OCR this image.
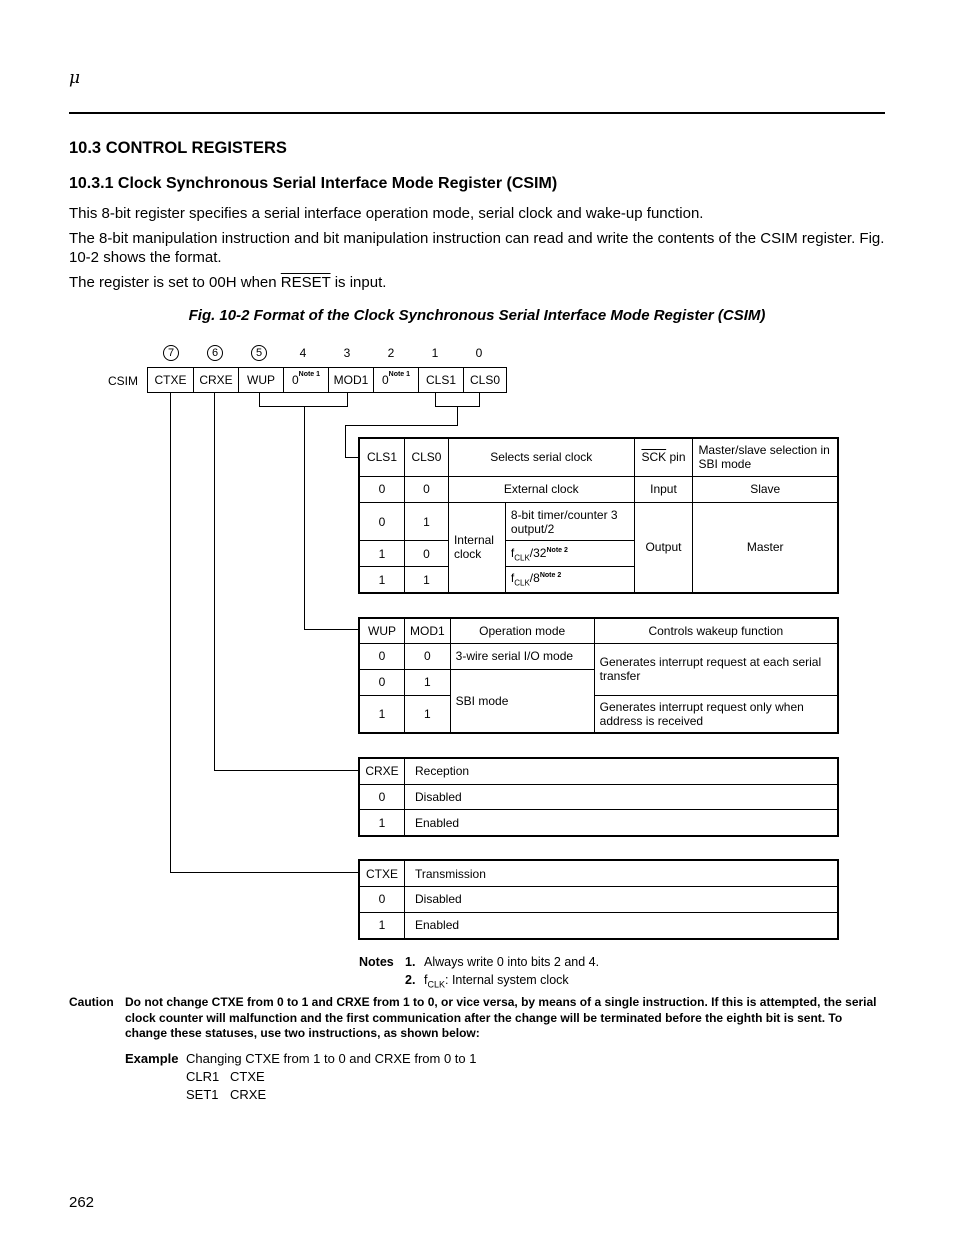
μ
10.3 CONTROL REGISTERS
10.3.1 Clock Synchronous Serial Interface Mode Register (CSIM)
This 8-bit register specifies a serial interface operation mode, serial clock and wake-up function.
The 8-bit manipulation instruction and bit manipulation instruction can read and write the contents of the CSIM register. Fig. 10-2 shows the format.
The register is set to 00H when RESET is input.
Fig. 10-2 Format of the Clock Synchronous Serial Interface Mode Register (CSIM)
7	6	5	4	3	2	1	0
CSIM	CTXE	CRXE	WUP	0$^{Note 1}$	MOD1	0$^{Note 1}$	CLS1	CLS0
CLS1	CLS0	Selects serial clock		$\overline{SCK}$ pin	Master/slave selection in SBI mode
0	0	External clock		Input	Slave
0	1	Internal clock	8-bit timer/counter 3 output/2	Output	Master
1	0		$f_{CLK}/32^{Note 2}$
1	1		$f_{CLK}/8^{Note 2}$
WUP	MOD1	Operation mode	Controls wakeup function
0	0	3-wire serial I/O mode	Generates interrupt request at each serial transfer
0	1	SBI mode	
1	1		Generates interrupt request only when address is received
CRXE	Reception
0	Disabled
1	Enabled
CTXE	Transmission
0	Disabled
1	Enabled
Notes 1. Always write 0 into bits 2 and 4.
2. $f_{CLK}$: Internal system clock
Caution Do not change CTXE from 0 to 1 and CRXE from 1 to 0, or vice versa, by means of a single instruction. If this is attempted, the serial clock counter will malfunction and the first communication after the change will be terminated before the eighth bit is sent. To change these statuses, use two instructions, as shown below:
Example Changing CTXE from 1 to 0 and CRXE from 0 to 1
CLR1 CTXE
SET1 CRXE
262
